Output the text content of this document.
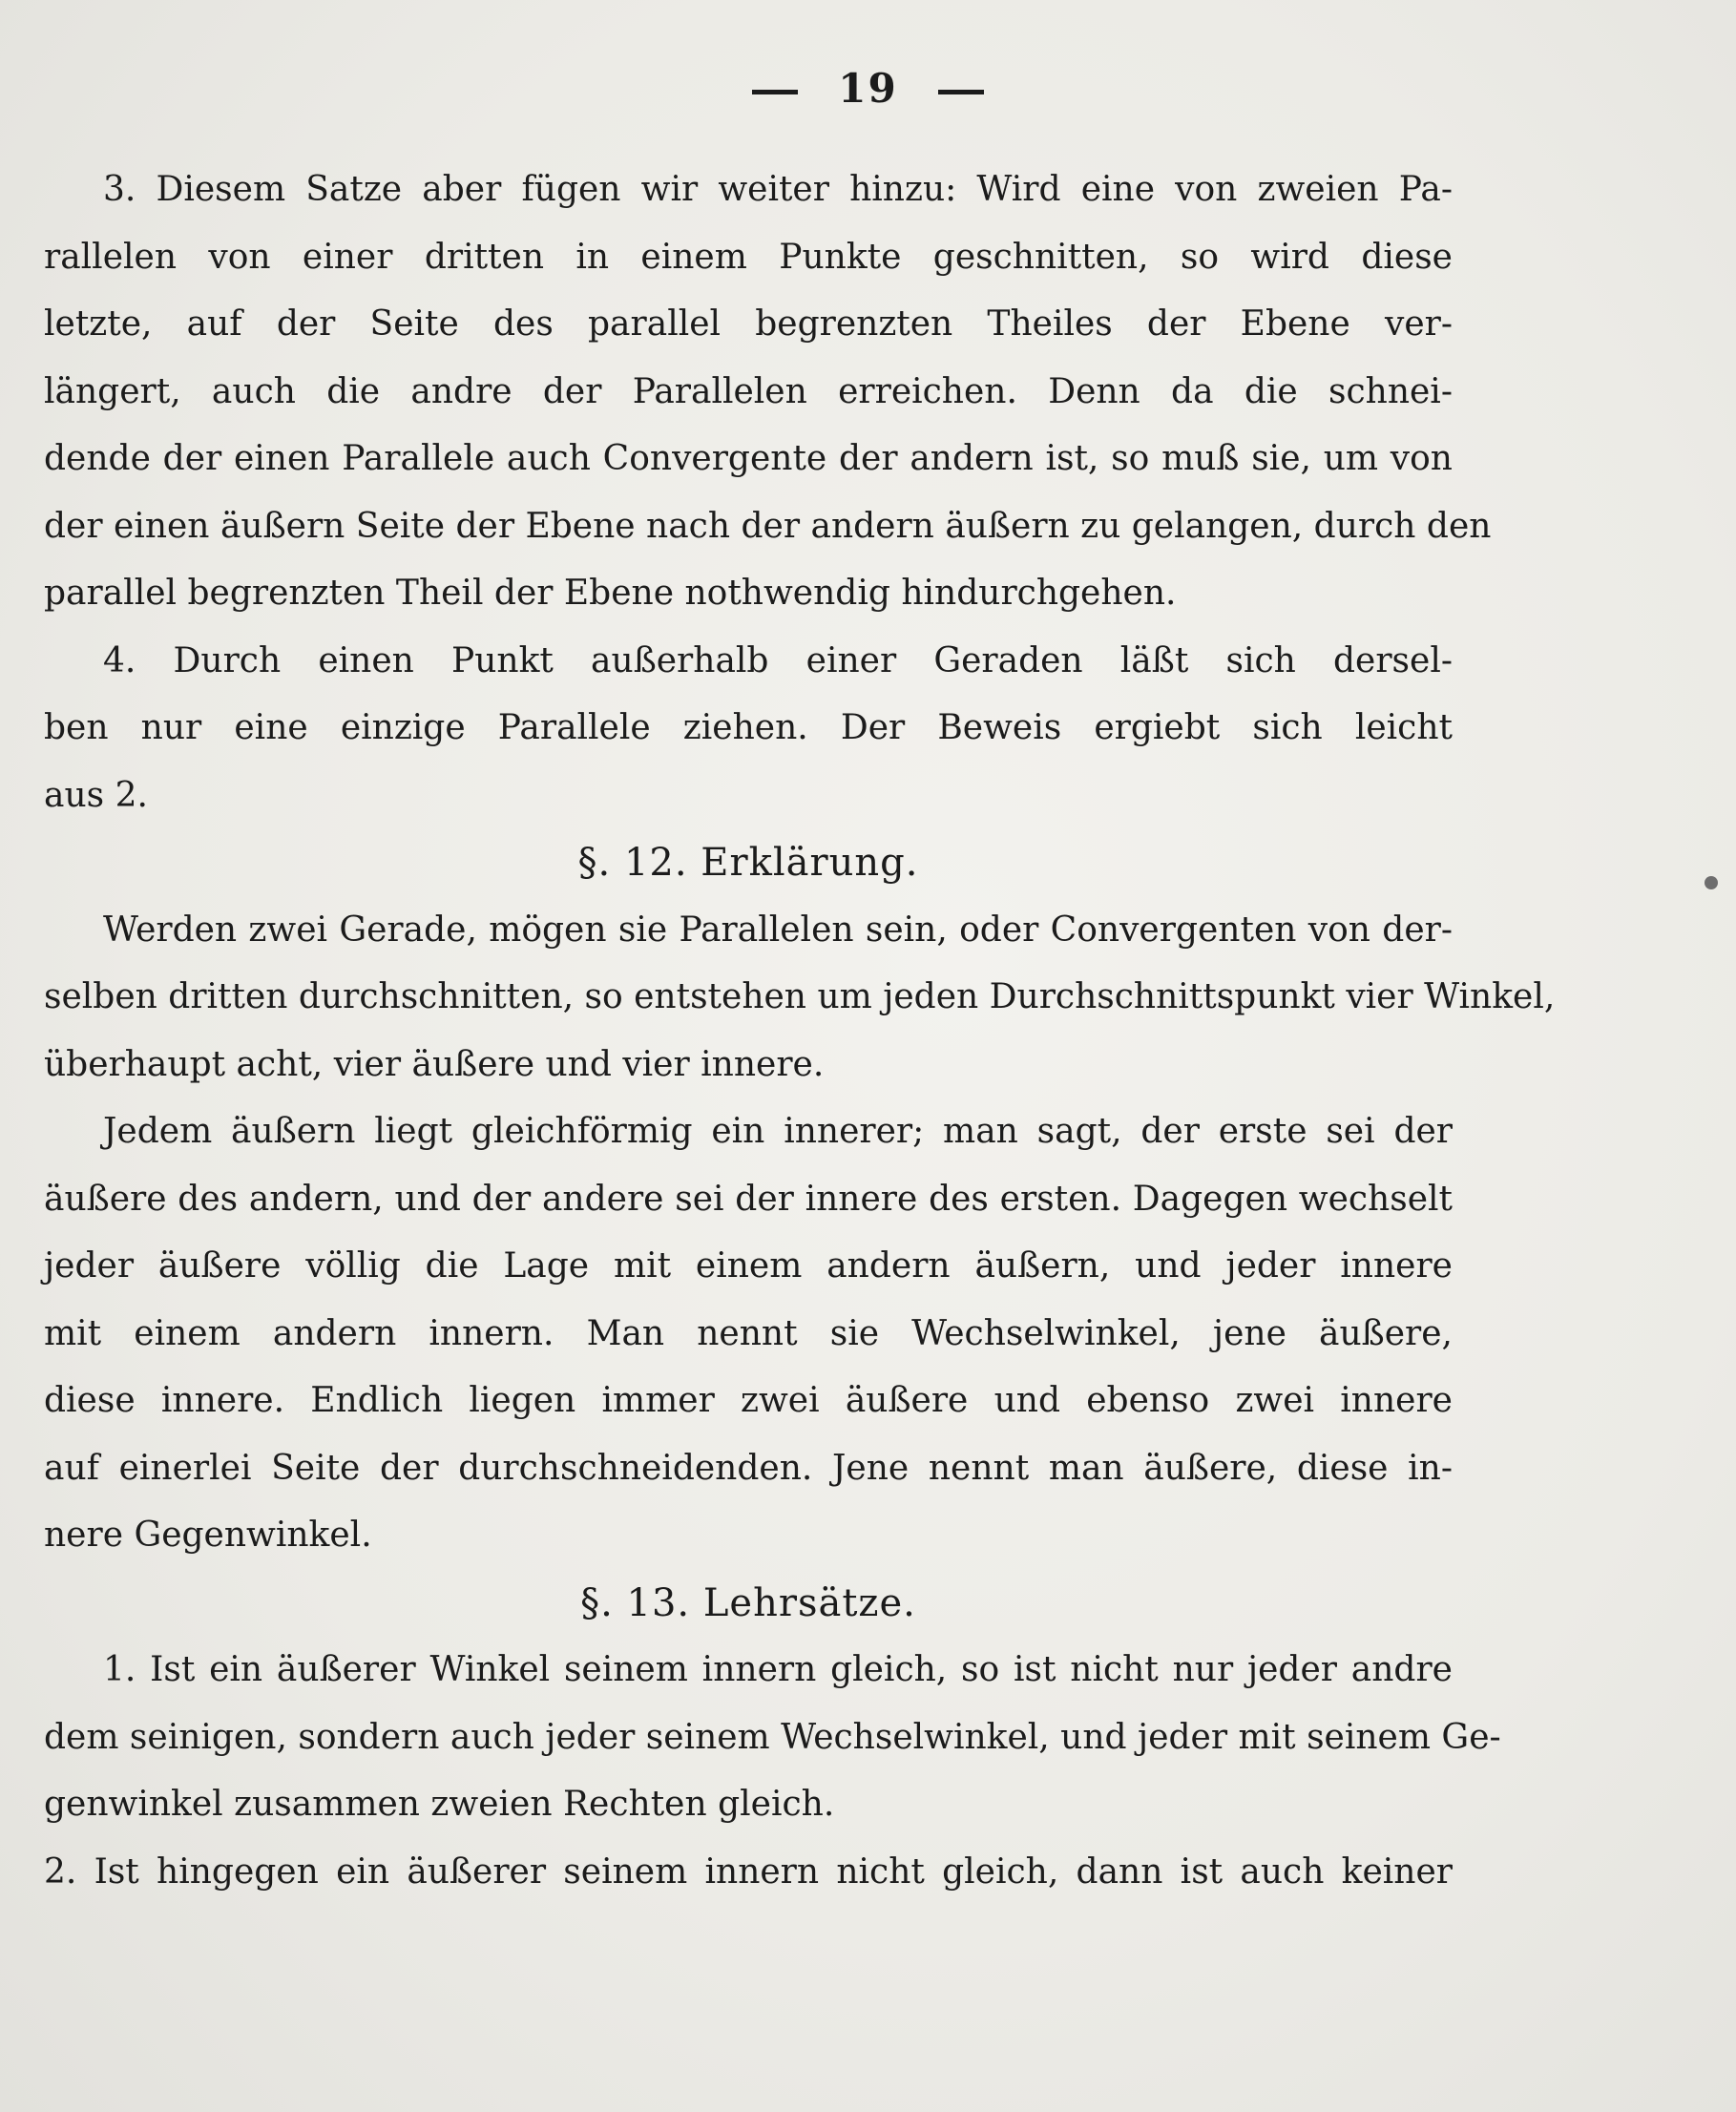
19
3. Diesem Satze aber fügen wir weiter hinzu: Wird eine von zweien Pa-
rallelen von einer dritten in einem Punkte geschnitten, so wird diese
letzte, auf der Seite des parallel begrenzten Theiles der Ebene ver-
längert, auch die andre der Parallelen erreichen. Denn da die schnei-
dende der einen Parallele auch Convergente der andern ist, so muß sie, um von
der einen äußern Seite der Ebene nach der andern äußern zu gelangen, durch den
parallel begrenzten Theil der Ebene nothwendig hindurchgehen.
4. Durch einen Punkt außerhalb einer Geraden läßt sich dersel-
ben nur eine einzige Parallele ziehen. Der Beweis ergiebt sich leicht
aus 2.
§. 12. Erklärung.
Werden zwei Gerade, mögen sie Parallelen sein, oder Convergenten von der-
selben dritten durchschnitten, so entstehen um jeden Durchschnittspunkt vier Winkel,
überhaupt acht, vier äußere und vier innere.
Jedem äußern liegt gleichförmig ein innerer; man sagt, der erste sei der
äußere des andern, und der andere sei der innere des ersten. Dagegen wechselt
jeder äußere völlig die Lage mit einem andern äußern, und jeder innere
mit einem andern innern. Man nennt sie Wechselwinkel, jene äußere,
diese innere. Endlich liegen immer zwei äußere und ebenso zwei innere
auf einerlei Seite der durchschneidenden. Jene nennt man äußere, diese in-
nere Gegenwinkel.
§. 13. Lehrsätze.
1. Ist ein äußerer Winkel seinem innern gleich, so ist nicht nur jeder andre
dem seinigen, sondern auch jeder seinem Wechselwinkel, und jeder mit seinem Ge-
genwinkel zusammen zweien Rechten gleich.
2. Ist hingegen ein äußerer seinem innern nicht gleich, dann ist auch keiner
